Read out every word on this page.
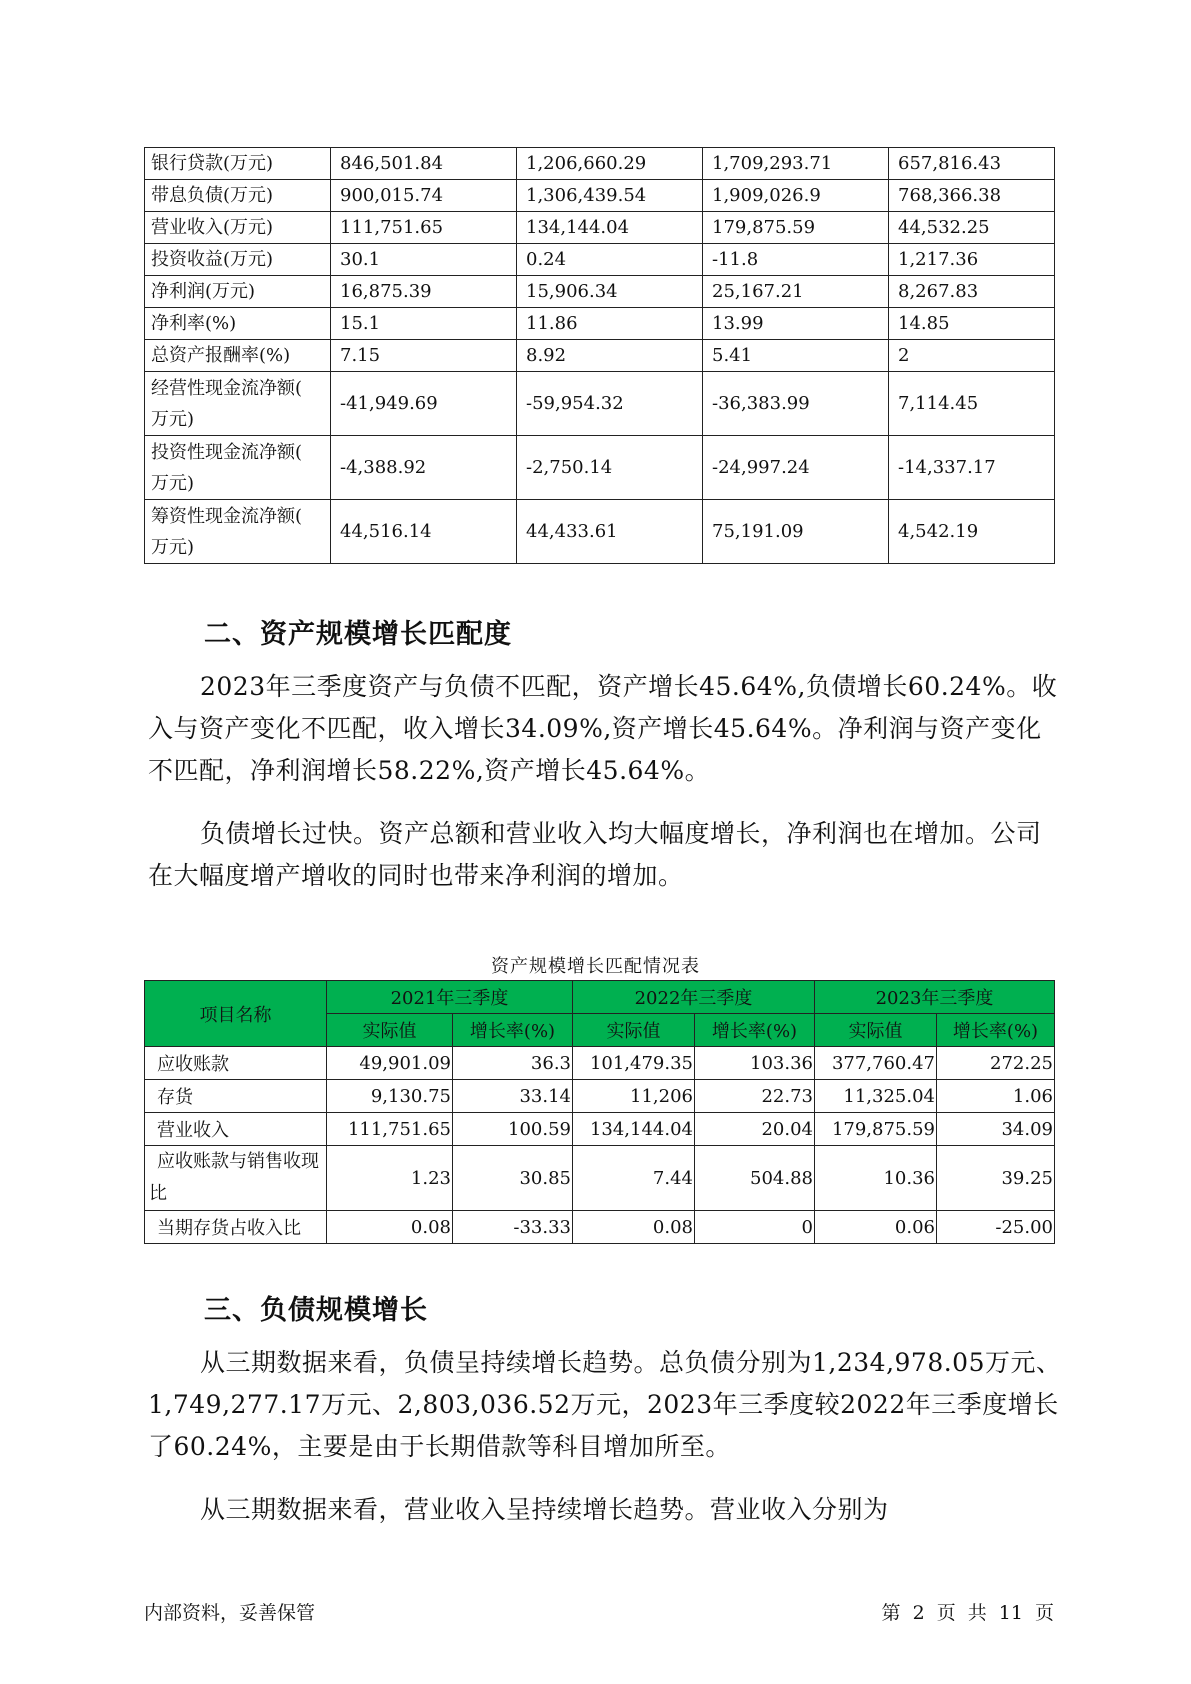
银行贷款(万元)	846,501.84	1,206,660.29	1,709,293.71	657,816.43
带息负债(万元)	900,015.74	1,306,439.54	1,909,026.9	768,366.38
营业收入(万元)	111,751.65	134,144.04	179,875.59	44,532.25
投资收益(万元)	30.1	0.24	-11.8	1,217.36
净利润(万元)	16,875.39	15,906.34	25,167.21	8,267.83
净利率(%)	15.1	11.86	13.99	14.85
总资产报酬率(%)	7.15	8.92	5.41	2
经营性现金流净额(
万元)	-41,949.69	-59,954.32	-36,383.99	7,114.45
投资性现金流净额(
万元)	-4,388.92	-2,750.14	-24,997.24	-14,337.17
筹资性现金流净额(
万元)	44,516.14	44,433.61	75,191.09	4,542.19
二、资产规模增长匹配度

2023年三季度资产与负债不匹配，资产增长45.64%,负债增长60.24%。收入与资产变化不匹配，收入增长34.09%,资产增长45.64%。净利润与资产变化不匹配，净利润增长58.22%,资产增长45.64%。

负债增长过快。资产总额和营业收入均大幅度增长，净利润也在增加。公司在大幅度增产增收的同时也带来净利润的增加。

资产规模增长匹配情况表
项目名称	2021年三季度		2022年三季度		2023年三季度	
	实际值	增长率(%)	实际值	增长率(%)	实际值	增长率(%)
应收账款	49,901.09	36.3	101,479.35	103.36	377,760.47	272.25
存货	9,130.75	33.14	11,206	22.73	11,325.04	1.06
营业收入	111,751.65	100.59	134,144.04	20.04	179,875.59	34.09
应收账款与销售收现比	1.23	30.85	7.44	504.88	10.36	39.25
当期存货占收入比	0.08	-33.33	0.08	0	0.06	-25.00
三、负债规模增长

从三期数据来看，负债呈持续增长趋势。总负债分别为1,234,978.05万元、1,749,277.17万元、2,803,036.52万元，2023年三季度较2022年三季度增长了60.24%，主要是由于长期借款等科目增加所至。

从三期数据来看，营业收入呈持续增长趋势。营业收入分别为

内部资料，妥善保管	第 2 页 共 11 页
